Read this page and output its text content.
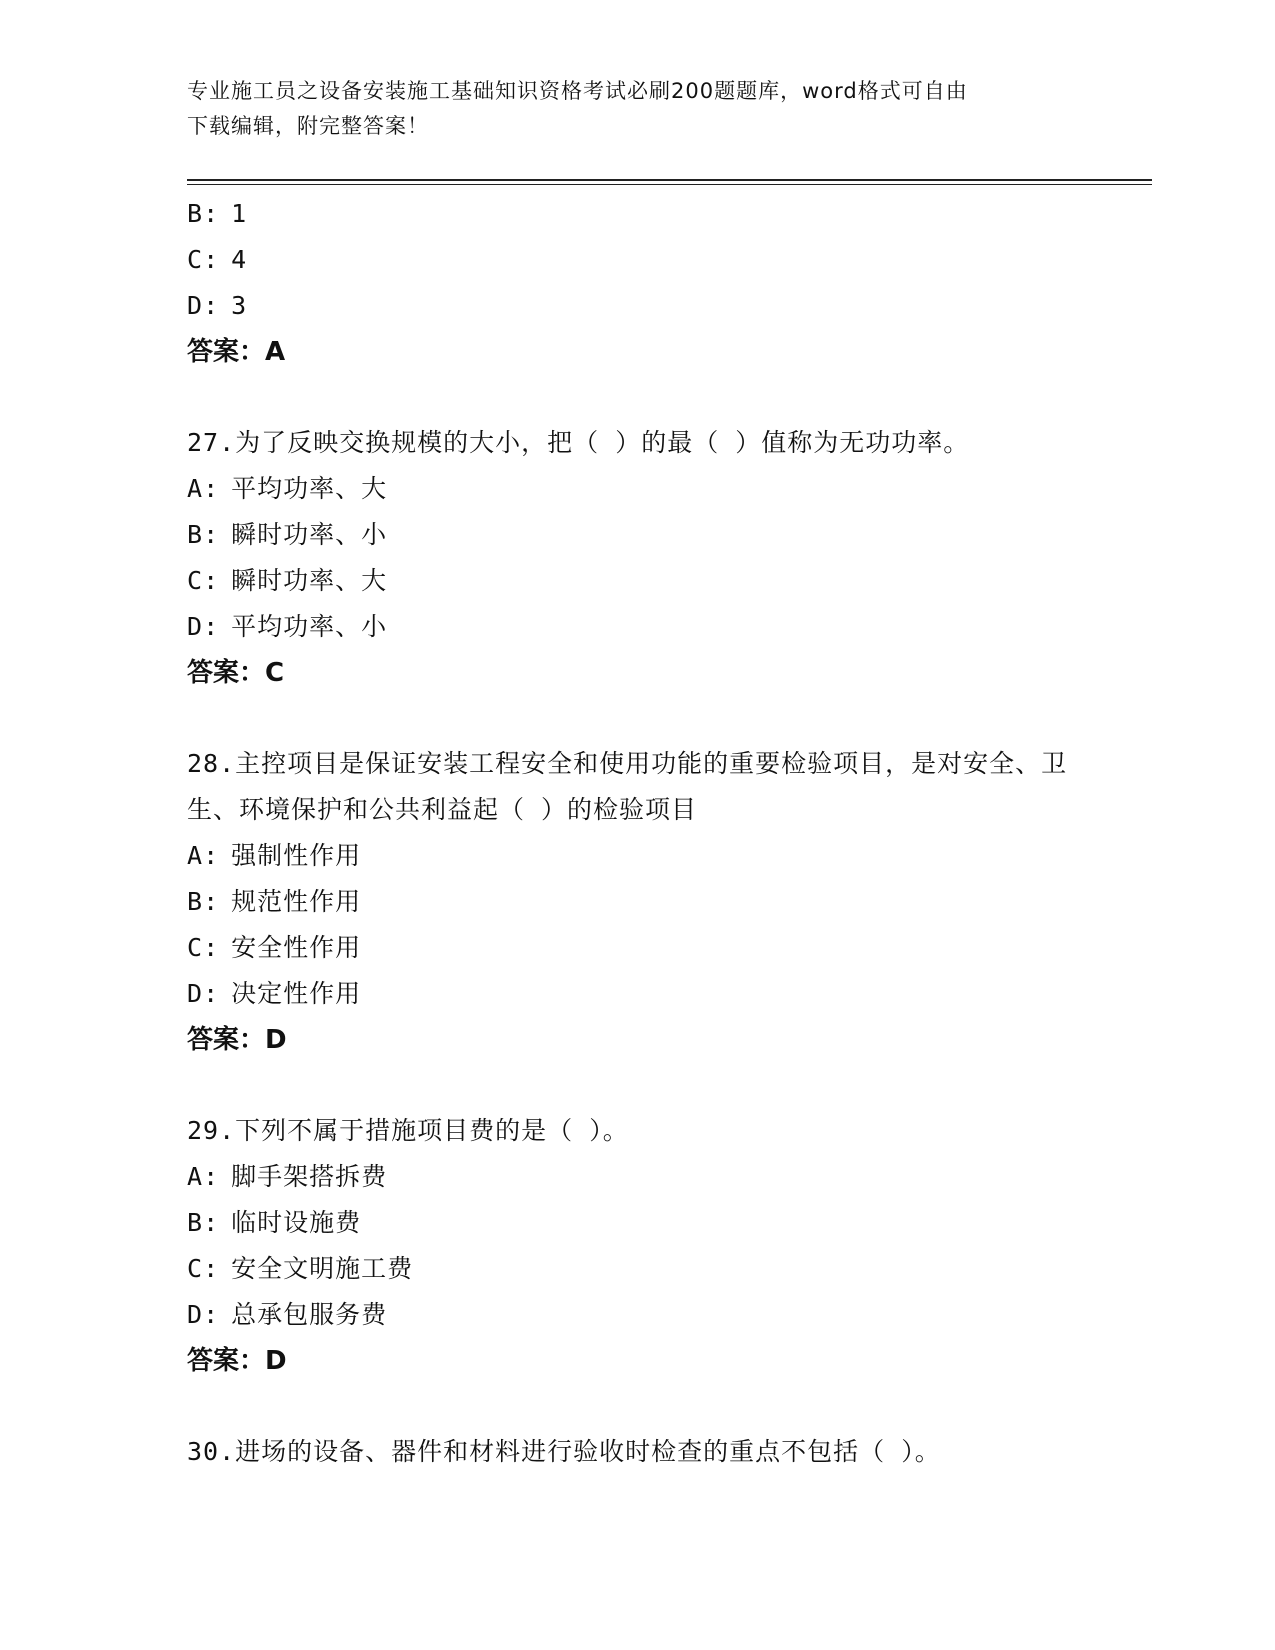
专业施工员之设备安装施工基础知识资格考试必刷200题题库，word格式可自由
下载编辑，附完整答案！
B: 1
C: 4
D: 3
答案：A
27.为了反映交换规模的大小，把（ ）的最（ ）值称为无功功率。
A: 平均功率、大
B: 瞬时功率、小
C: 瞬时功率、大
D: 平均功率、小
答案：C
28.主控项目是保证安装工程安全和使用功能的重要检验项目，是对安全、卫生、环境保护和公共利益起（ ）的检验项目
A: 强制性作用
B: 规范性作用
C: 安全性作用
D: 决定性作用
答案：D
29.下列不属于措施项目费的是（ ）。
A: 脚手架搭拆费
B: 临时设施费
C: 安全文明施工费
D: 总承包服务费
答案：D
30.进场的设备、器件和材料进行验收时检查的重点不包括（ ）。
